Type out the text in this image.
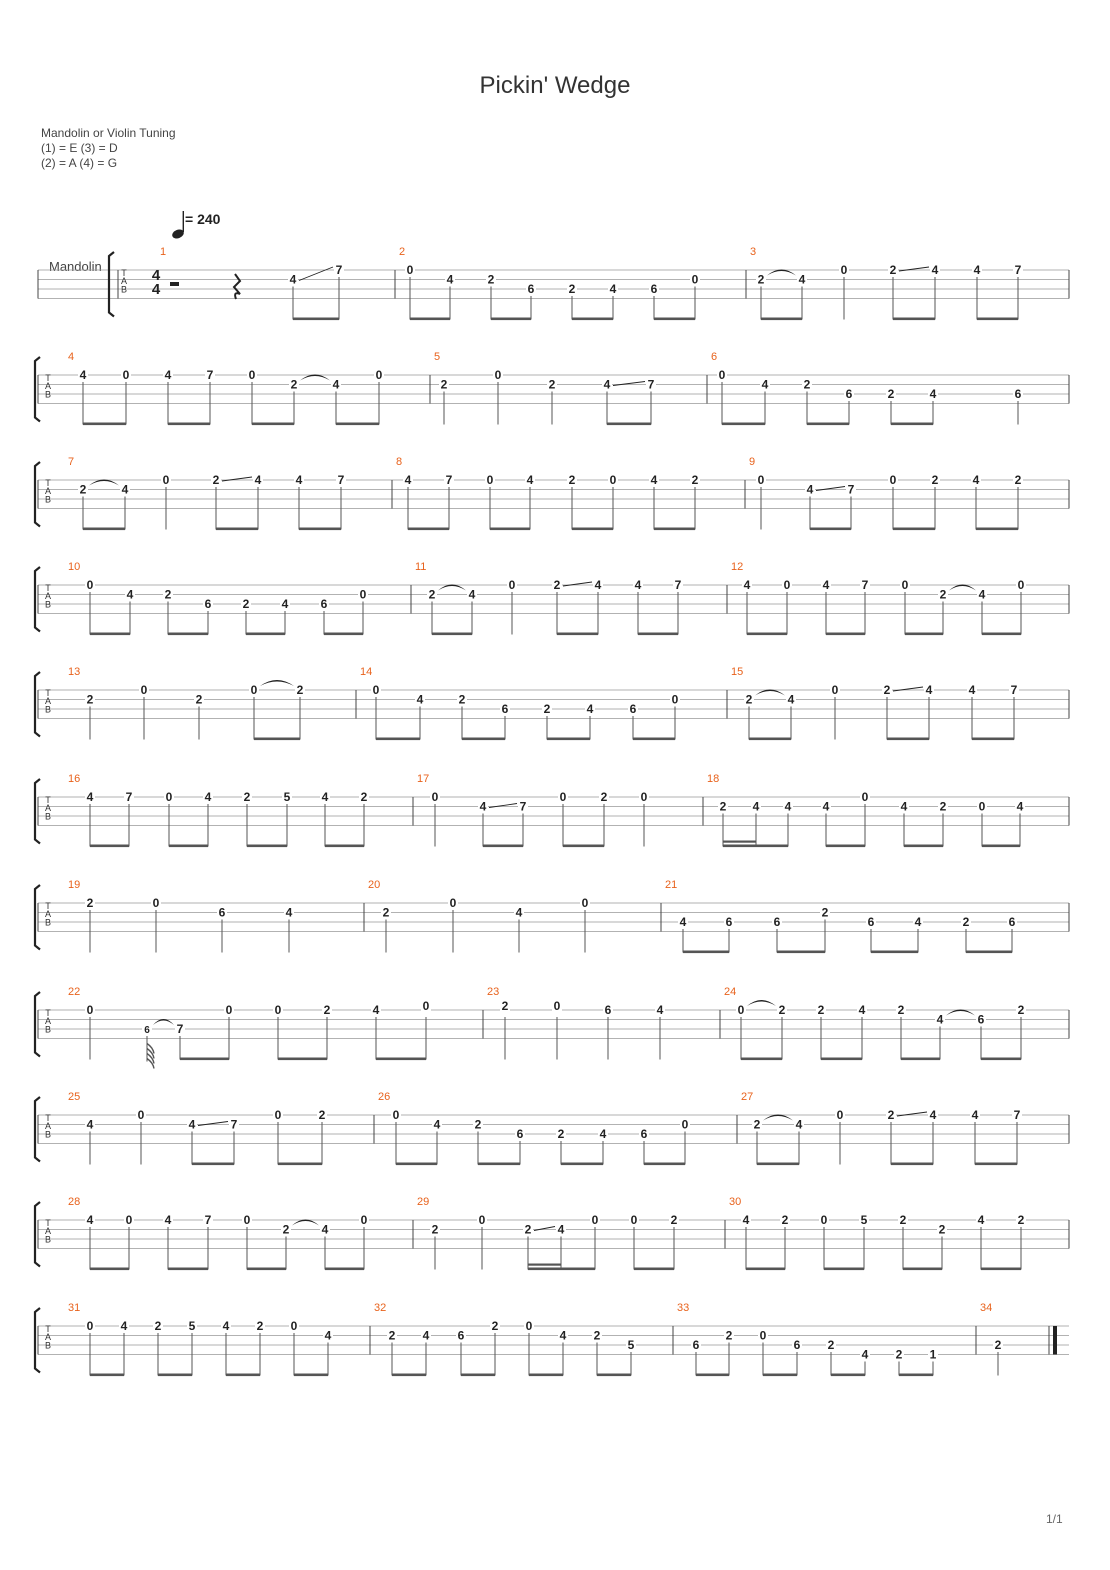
Pickin' Wedge
Mandolin or Violin Tuning
(1) = E (3) = D
(2) = A (4) = G
= 240
Mandolin T
A
B
4
4
1
4
7
2
0
4	2
6	2	4	6
0
3
2	4
0	2	4	4	7
T
A
B
4
4	0	4	7	0
2	4
0
5
2
0
2	4	7
6
0
4	2
6	2	4	6
T
A
B
7
2	4
0	2	4	4	7
8
4	7	0	4	2	0	4	2
9
0
4	7
0	2	4	2
T
A
B
10
0
4	2
6	2	4	6
0
11
2	4
0	2	4	4	7
12
4	0	4	7	0
2	4
0
T
A
B
13
2
0
2
0	2
14
0
4	2
6	2	4	6
0
15
2	4
0	2	4	4	7
T
A
B
16
4	7	0	4	2	5	4	2
17
0
4	7
0	2	0
18
2 4 4	4
0
4	2	0	4
T
A
B
19
2	0
6	4
20
2
0
4
0
21
4	6	6
2
6	4	2	6
T
A
B
22
0
6 7
0	0	2	4	0
23
2	0	6	4
24
0	2	2	4	2
4	6
2
T
A
B
25
4
0
4	7
0	2
26
0
4	2
6	2	4	6
0
27
2	4
0	2	4	4	7
T
A
B
28
4	0	4	7	0
2	4
0
29
2
0
2 4
0	0	2
30
4	2	0	5	2
2
4	2
T
A
B
31
0 4 2 5 4 2 0
4
32
2 4 6
2 0
4 2
5
33
6
2 0
6 2
4 2 1
34
2
1/1
